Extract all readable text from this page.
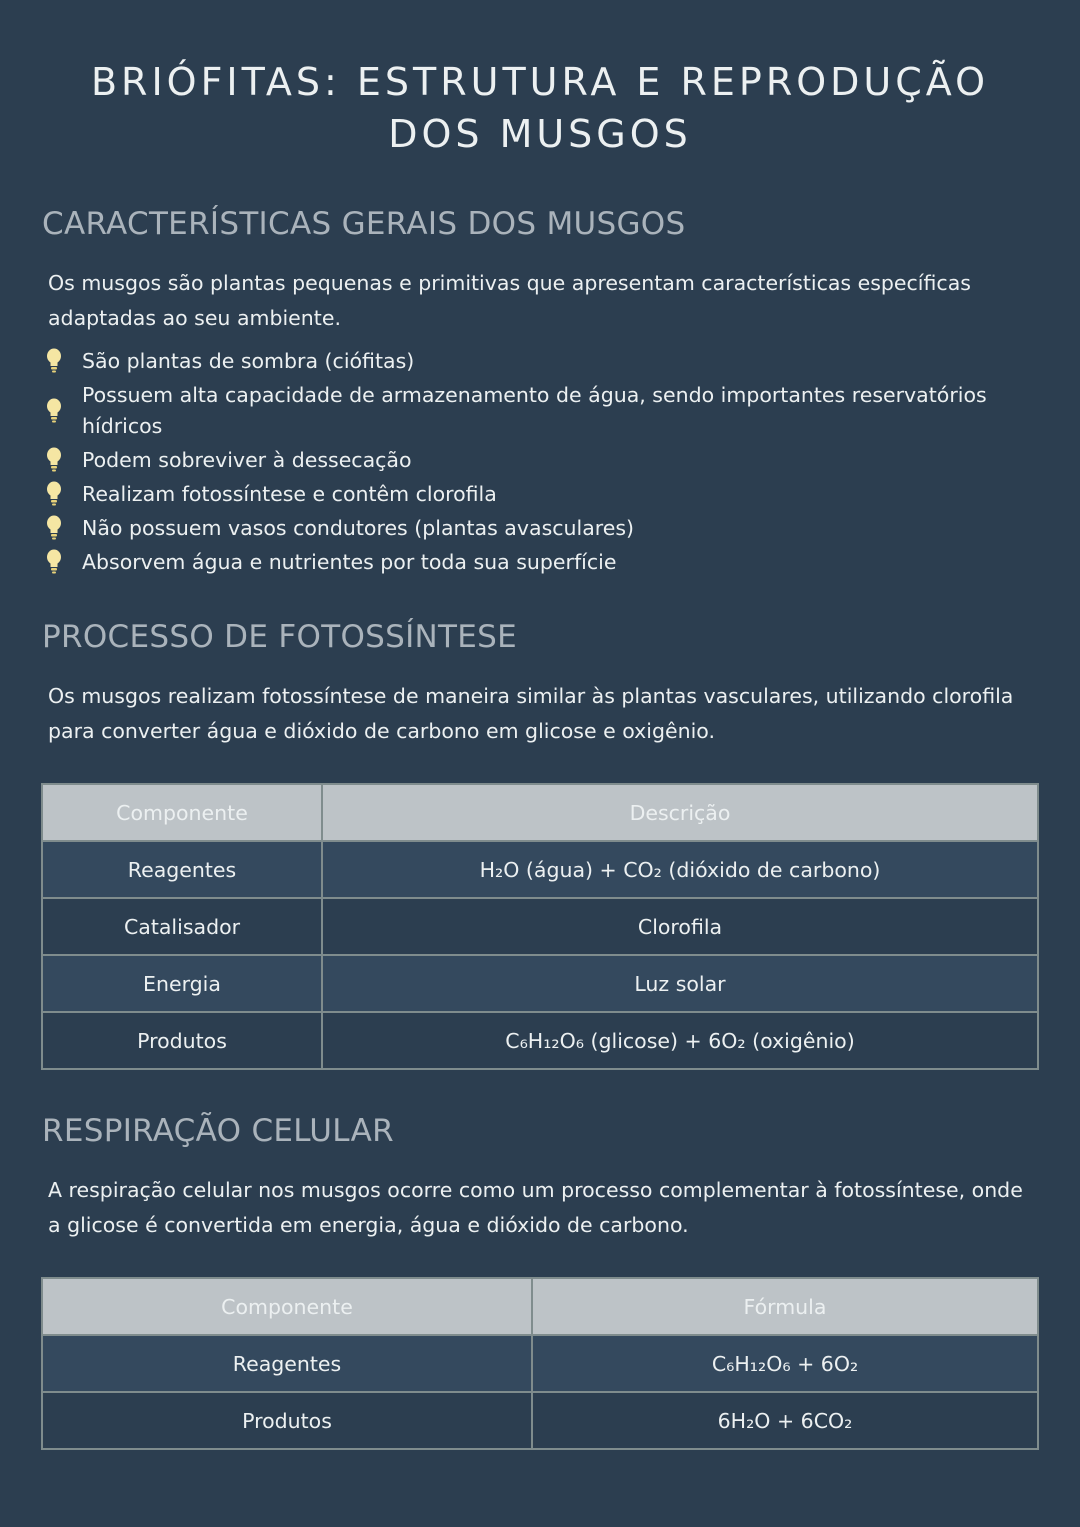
BRIÓFITAS: ESTRUTURA E REPRODUÇÃO DOS MUSGOS
CARACTERÍSTICAS GERAIS DOS MUSGOS

Os musgos são plantas pequenas e primitivas que apresentam características específicas adaptadas ao seu ambiente.

São plantas de sombra (ciófitas)
Possuem alta capacidade de armazenamento de água, sendo importantes reservatórios hídricos
Podem sobreviver à dessecação
Realizam fotossíntese e contêm clorofila
Não possuem vasos condutores (plantas avasculares)
Absorvem água e nutrientes por toda sua superfície
PROCESSO DE FOTOSSÍNTESE

Os musgos realizam fotossíntese de maneira similar às plantas vasculares, utilizando clorofila para converter água e dióxido de carbono em glicose e oxigênio.

Componente	Descrição
Reagentes	H₂O (água) + CO₂ (dióxido de carbono)
Catalisador	Clorofila
Energia	Luz solar
Produtos	C₆H₁₂O₆ (glicose) + 6O₂ (oxigênio)
RESPIRAÇÃO CELULAR

A respiração celular nos musgos ocorre como um processo complementar à fotossíntese, onde a glicose é convertida em energia, água e dióxido de carbono.

Componente	Fórmula
Reagentes	C₆H₁₂O₆ + 6O₂
Produtos	6H₂O + 6CO₂
